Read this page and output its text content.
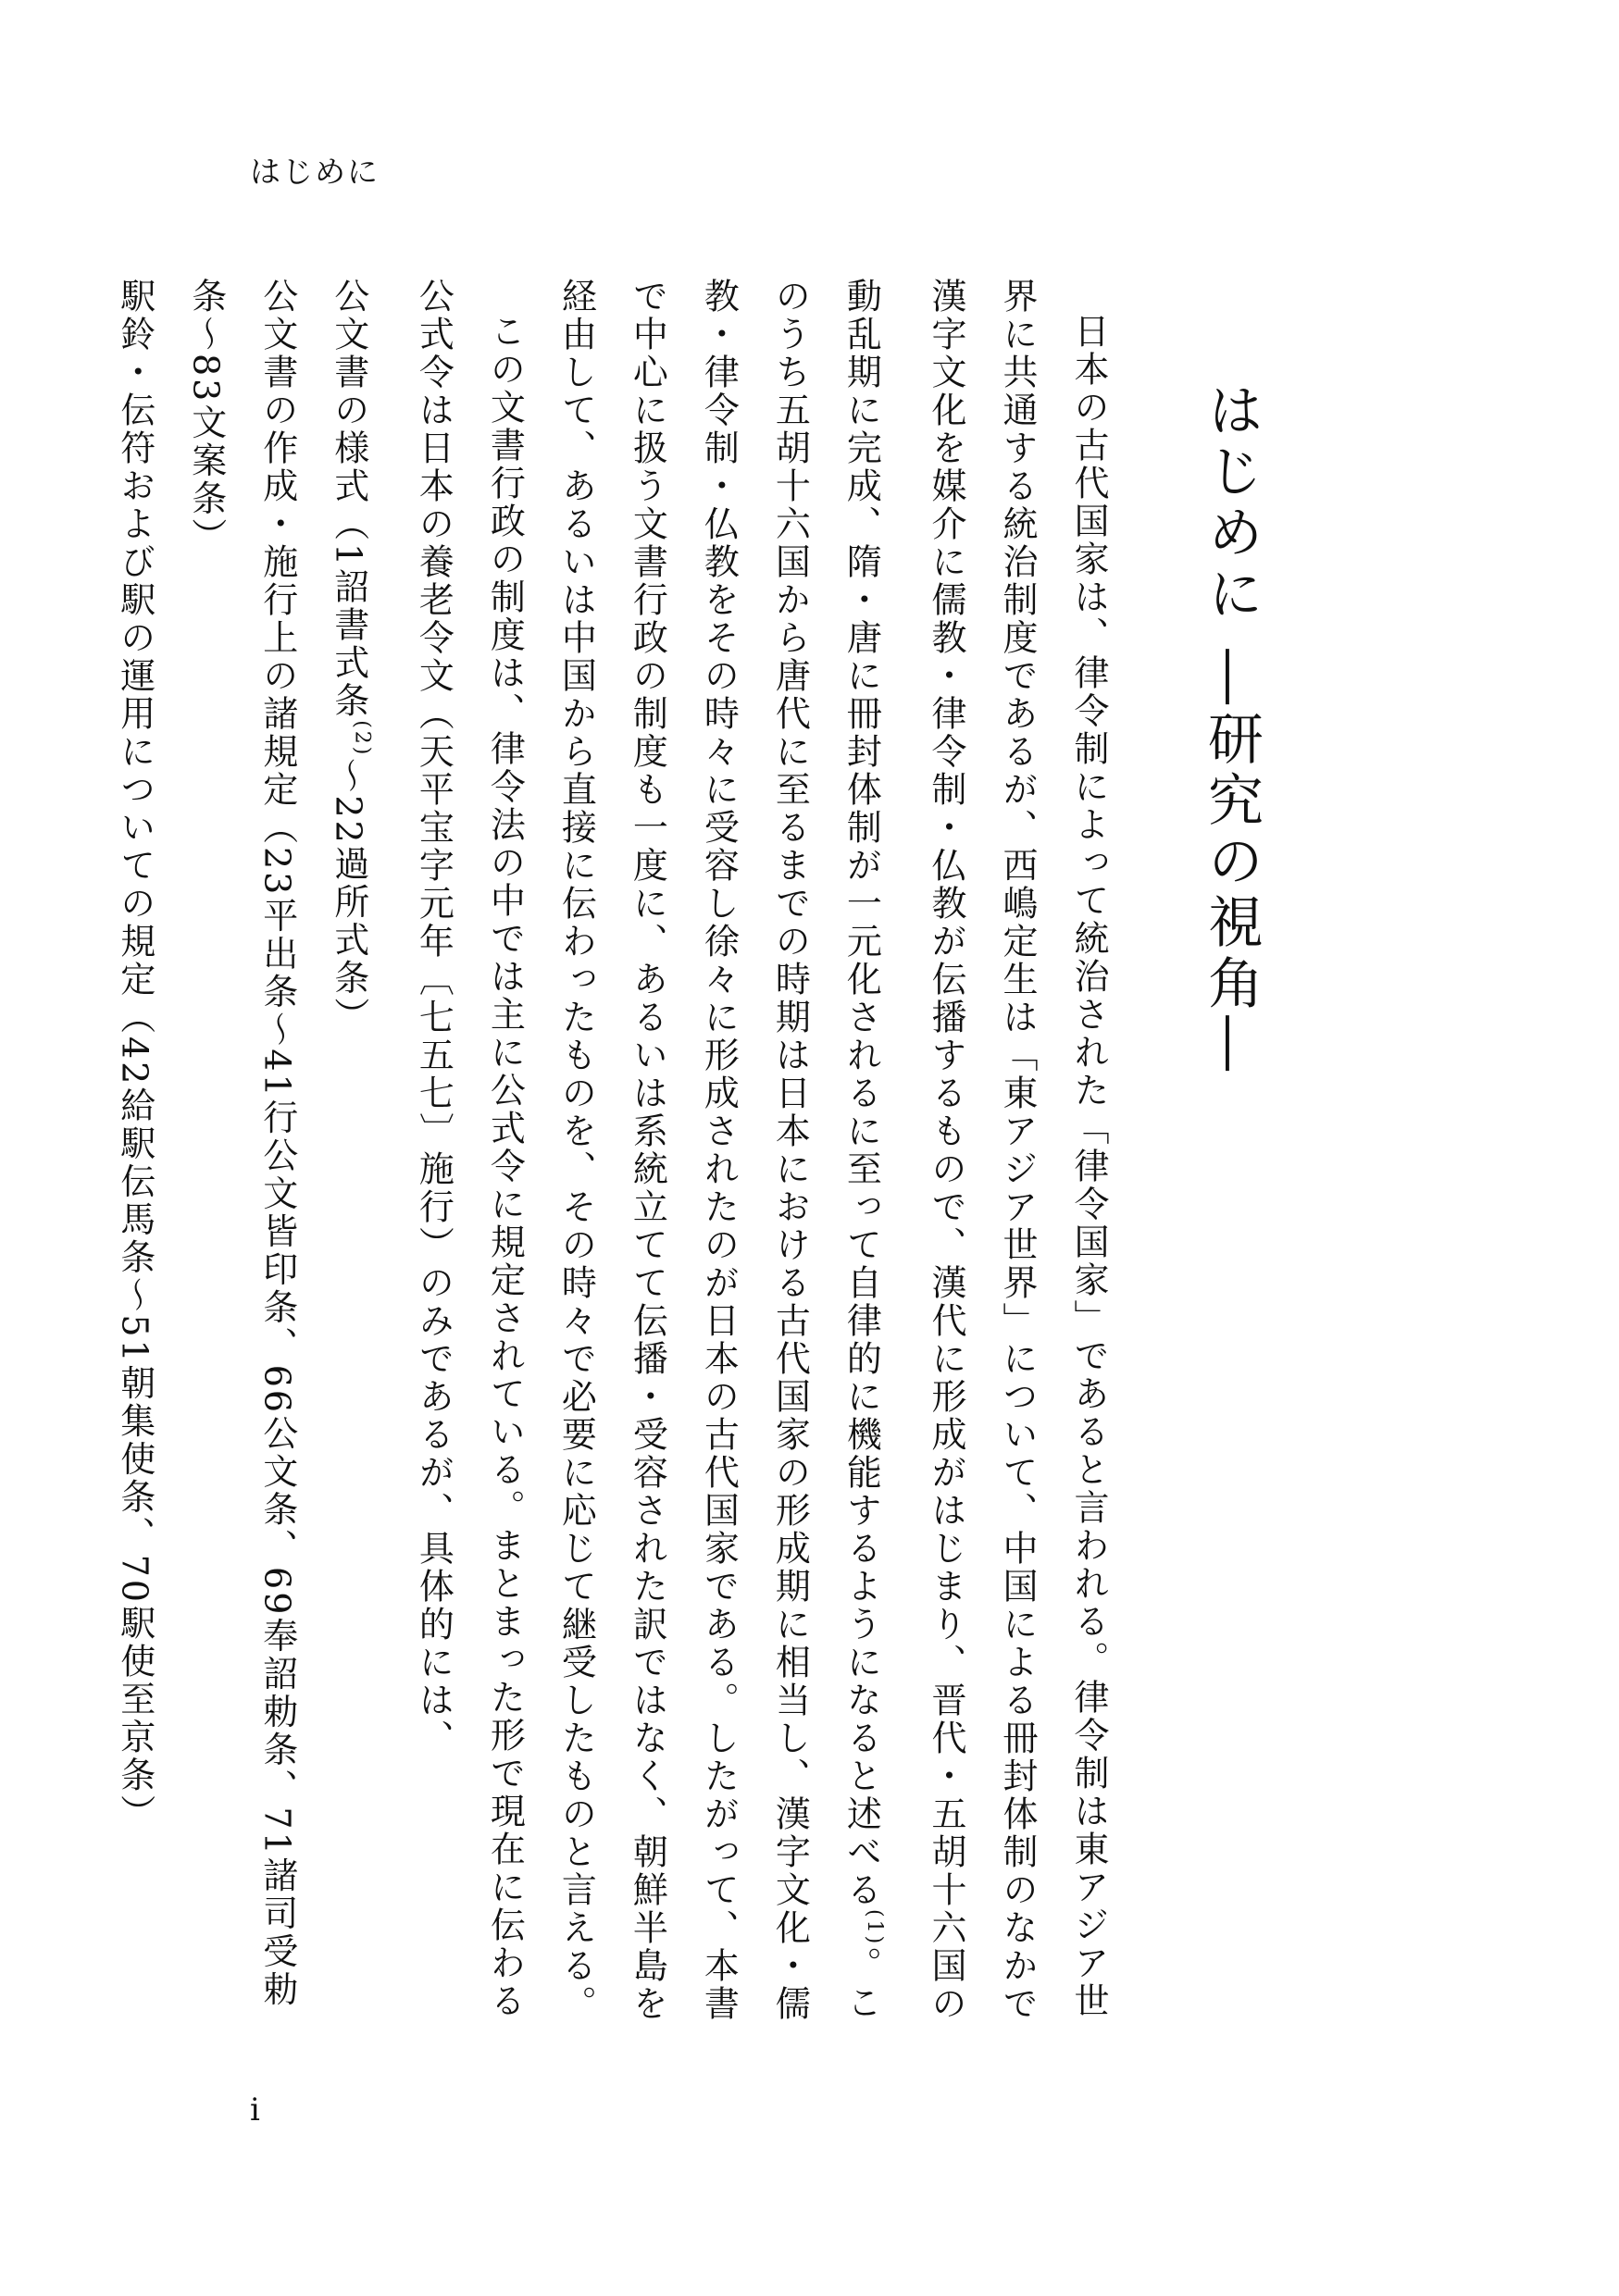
はじめに
はじめに ―研究の視角―

日本の古代国家は、律令制によって統治された「律令国家」であると言われる。律令制は東アジア世界に共通する統治制度であるが、西嶋定生は「東アジア世界」について、中国による冊封体制のなかで漢字文化を媒介に儒教・律令制・仏教が伝播するもので、漢代に形成がはじまり、晋代・五胡十六国の動乱期に完成、隋・唐に冊封体制が一元化されるに至って自律的に機能するようになると述べる$^{(1)}$。このうち五胡十六国から唐代に至るまでの時期は日本における古代国家の形成期に相当し、漢字文化・儒教・律令制・仏教をその時々に受容し徐々に形成されたのが日本の古代国家である。したがって、本書で中心に扱う文書行政の制度も一度に、あるいは系統立てて伝播・受容された訳ではなく、朝鮮半島を経由して、あるいは中国から直接に伝わったものを、その時々で必要に応じて継受したものと言える。

この文書行政の制度は、律令法の中では主に公式令に規定されている。まとまった形で現在に伝わる公式令は日本の養老令文（天平宝字元年〔七五七〕施行）のみであるが、具体的には、

公文書の様式（1詔書式条$^{(2)}$～22過所式条）

公文書の作成・施行上の諸規定（23平出条～41行公文皆印条、66公文条、69奉詔勅条、71諸司受勅条～83文案条）

駅鈴・伝符および駅の運用についての規定（42給駅伝馬条～51朝集使条、70駅使至京条）

i
